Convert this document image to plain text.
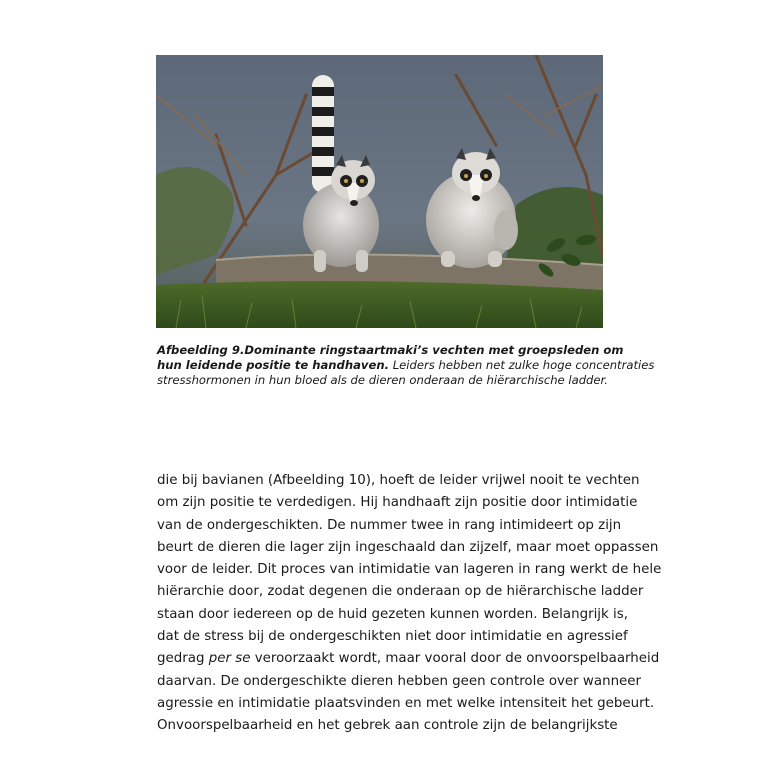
Afbeelding 9. Dominante ringstaartmaki’s vechten met groepsleden om
hun leidende positie te handhaven. Leiders hebben net zulke hoge concentraties
stresshormonen in hun bloed als de dieren onderaan de hiërarchische ladder.
die bij bavianen (Afbeelding 10), hoeft de leider vrijwel nooit te vechten
om zijn positie te verdedigen. Hij handhaaft zijn positie door intimidatie
van de ondergeschikten. De nummer twee in rang intimideert op zijn
beurt de dieren die lager zijn ingeschaald dan zijzelf, maar moet oppassen
voor de leider. Dit proces van intimidatie van lageren in rang werkt de hele
hiërarchie door, zodat degenen die onderaan op de hiërarchische ladder
staan door iedereen op de huid gezeten kunnen worden. Belangrijk is,
dat de stress bij de ondergeschikten niet door intimidatie en agressief
gedrag per se veroorzaakt wordt, maar vooral door de onvoorspelbaarheid
daarvan. De ondergeschikte dieren hebben geen controle over wanneer
agressie en intimidatie plaatsvinden en met welke intensiteit het gebeurt.
Onvoorspelbaarheid en het gebrek aan controle zijn de belangrijkste
